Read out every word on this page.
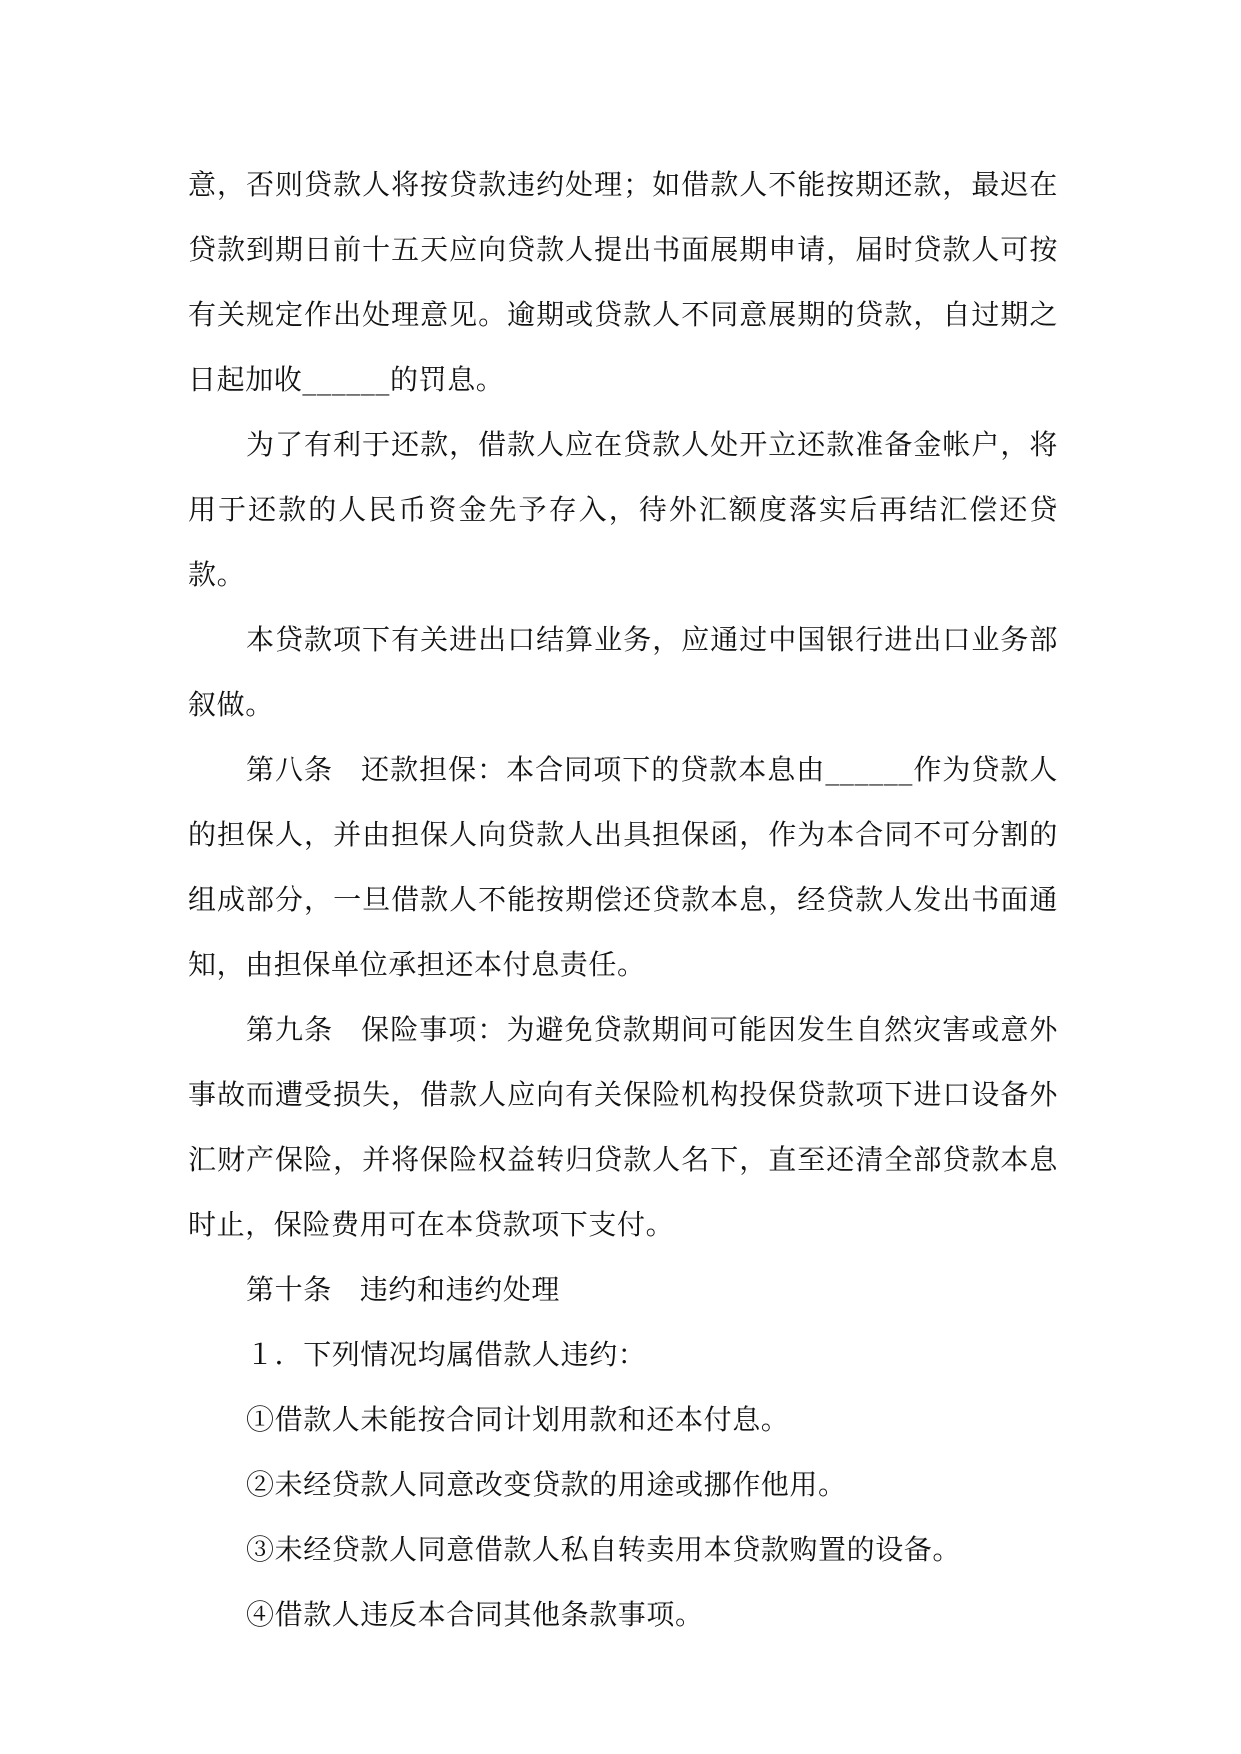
意，否则贷款人将按贷款违约处理；如借款人不能按期还款，最迟在贷款到期日前十五天应向贷款人提出书面展期申请，届时贷款人可按有关规定作出处理意见。逾期或贷款人不同意展期的贷款，自过期之日起加收______的罚息。

为了有利于还款，借款人应在贷款人处开立还款准备金帐户，将用于还款的人民币资金先予存入，待外汇额度落实后再结汇偿还贷款。

本贷款项下有关进出口结算业务，应通过中国银行进出口业务部叙做。

第八条 还款担保：本合同项下的贷款本息由______作为贷款人的担保人，并由担保人向贷款人出具担保函，作为本合同不可分割的组成部分，一旦借款人不能按期偿还贷款本息，经贷款人发出书面通知，由担保单位承担还本付息责任。

第九条 保险事项：为避免贷款期间可能因发生自然灾害或意外事故而遭受损失，借款人应向有关保险机构投保贷款项下进口设备外汇财产保险，并将保险权益转归贷款人名下，直至还清全部贷款本息时止，保险费用可在本贷款项下支付。

第十条 违约和违约处理

１．下列情况均属借款人违约：

①借款人未能按合同计划用款和还本付息。

②未经贷款人同意改变贷款的用途或挪作他用。

③未经贷款人同意借款人私自转卖用本贷款购置的设备。

④借款人违反本合同其他条款事项。
